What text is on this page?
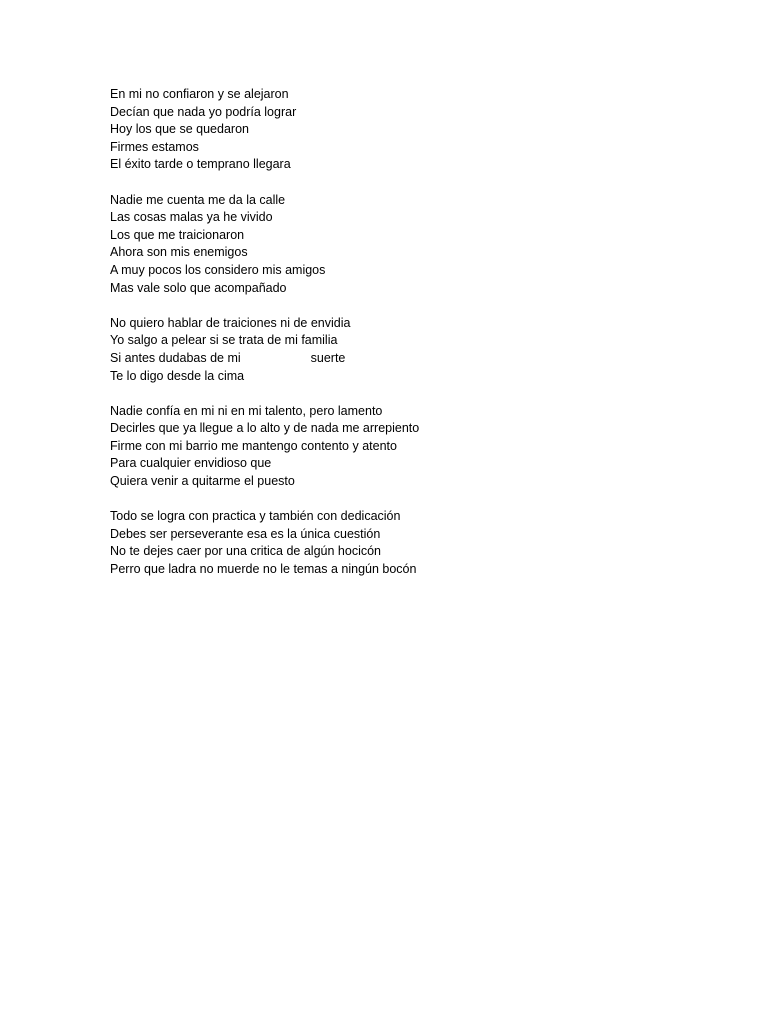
En mi no confiaron y se alejaron
Decían que nada yo podría lograr
Hoy los que se quedaron
Firmes estamos
El éxito tarde o temprano llegara
Nadie me cuenta me da la calle
Las cosas malas ya he vivido
Los que me traicionaron
Ahora son mis enemigos
A muy pocos los considero mis amigos
Mas vale solo que acompañado
No quiero hablar de traiciones ni de envidia
Yo salgo a pelear si se trata de mi familia
Si antes dudabas de mi	suerte
Te lo digo desde la cima
Nadie confía en mi ni en mi talento, pero lamento
Decirles que ya llegue a lo alto y de nada me arrepiento
Firme con mi barrio me mantengo contento y atento
Para cualquier envidioso que
Quiera venir a quitarme el puesto
Todo se logra con practica y también con dedicación
Debes ser perseverante esa es la única cuestión
No te dejes caer por una critica de algún hocicón
Perro que ladra no muerde no le temas a ningún bocón
